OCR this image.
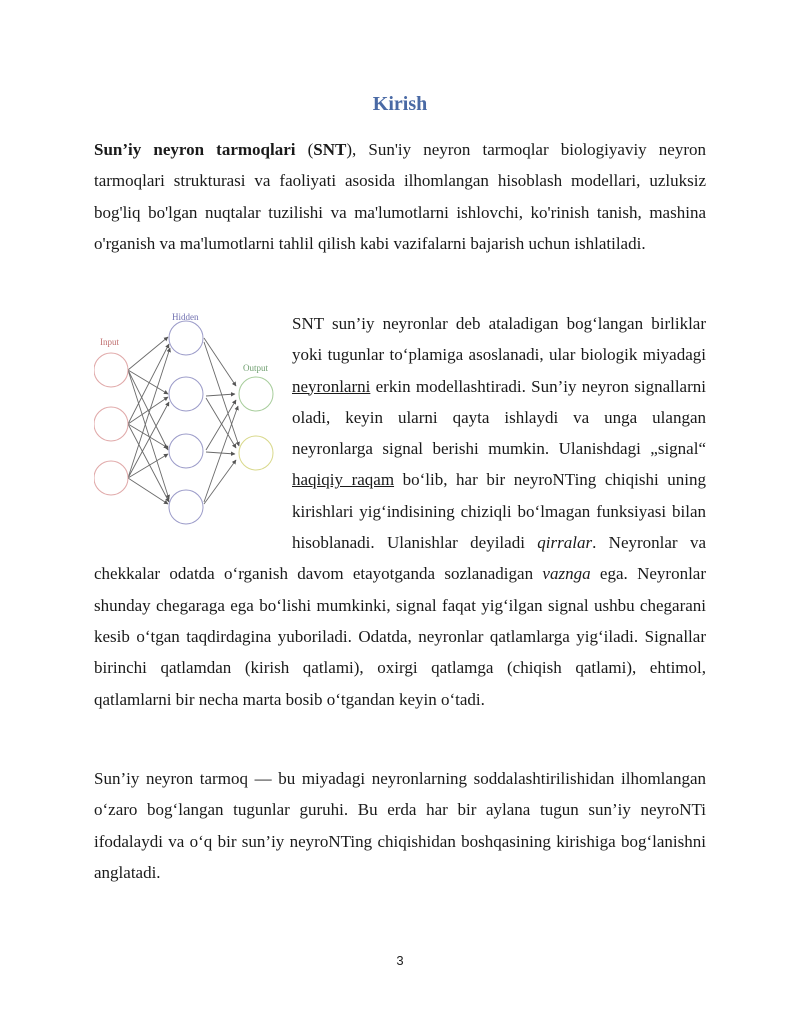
Kirish

Sun’iy neyron tarmoqlari (SNT), Sun'iy neyron tarmoqlar biologiyaviy neyron tarmoqlari strukturasi va faoliyati asosida ilhomlangan hisoblash modellari, uzluksiz bog'liq bo'lgan nuqtalar tuzilishi va ma'lumotlarni ishlovchi, ko'rinish tanish, mashina o'rganish va ma'lumotlarni tahlil qilish kabi vazifalarni bajarish uchun ishlatiladi.

Input
Hidden
Output
SNT sun’iy neyronlar deb ataladigan bog‘langan birliklar yoki tugunlar to‘plamiga asoslanadi, ular biologik miyadagi neyronlarni erkin modellashtiradi. Sun’iy neyron signallarni oladi, keyin ularni qayta ishlaydi va unga ulangan neyronlarga signal berishi mumkin. Ulanishdagi „signal“ haqiqiy raqam bo‘lib, har bir neyroNTing chiqishi uning kirishlari yig‘indisining chiziqli bo‘lmagan funksiyasi bilan hisoblanadi. Ulanishlar deyiladi qirralar. Neyronlar va chekkalar odatda o‘rganish davom etayotganda sozlanadigan vaznga ega. Neyronlar shunday chegaraga ega bo‘lishi mumkinki, signal faqat yig‘ilgan signal ushbu chegarani kesib o‘tgan taqdirdagina yuboriladi. Odatda, neyronlar qatlamlarga yig‘iladi. Signallar birinchi qatlamdan (kirish qatlami), oxirgi qatlamga (chiqish qatlami), ehtimol, qatlamlarni bir necha marta bosib o‘tgandan keyin o‘tadi.

Sun’iy neyron tarmoq — bu miyadagi neyronlarning soddalashtirilishidan ilhomlangan o‘zaro bog‘langan tugunlar guruhi. Bu erda har bir aylana tugun sun’iy neyroNTi ifodalaydi va o‘q bir sun’iy neyroNTing chiqishidan boshqasining kirishiga bog‘lanishni anglatadi.

3
